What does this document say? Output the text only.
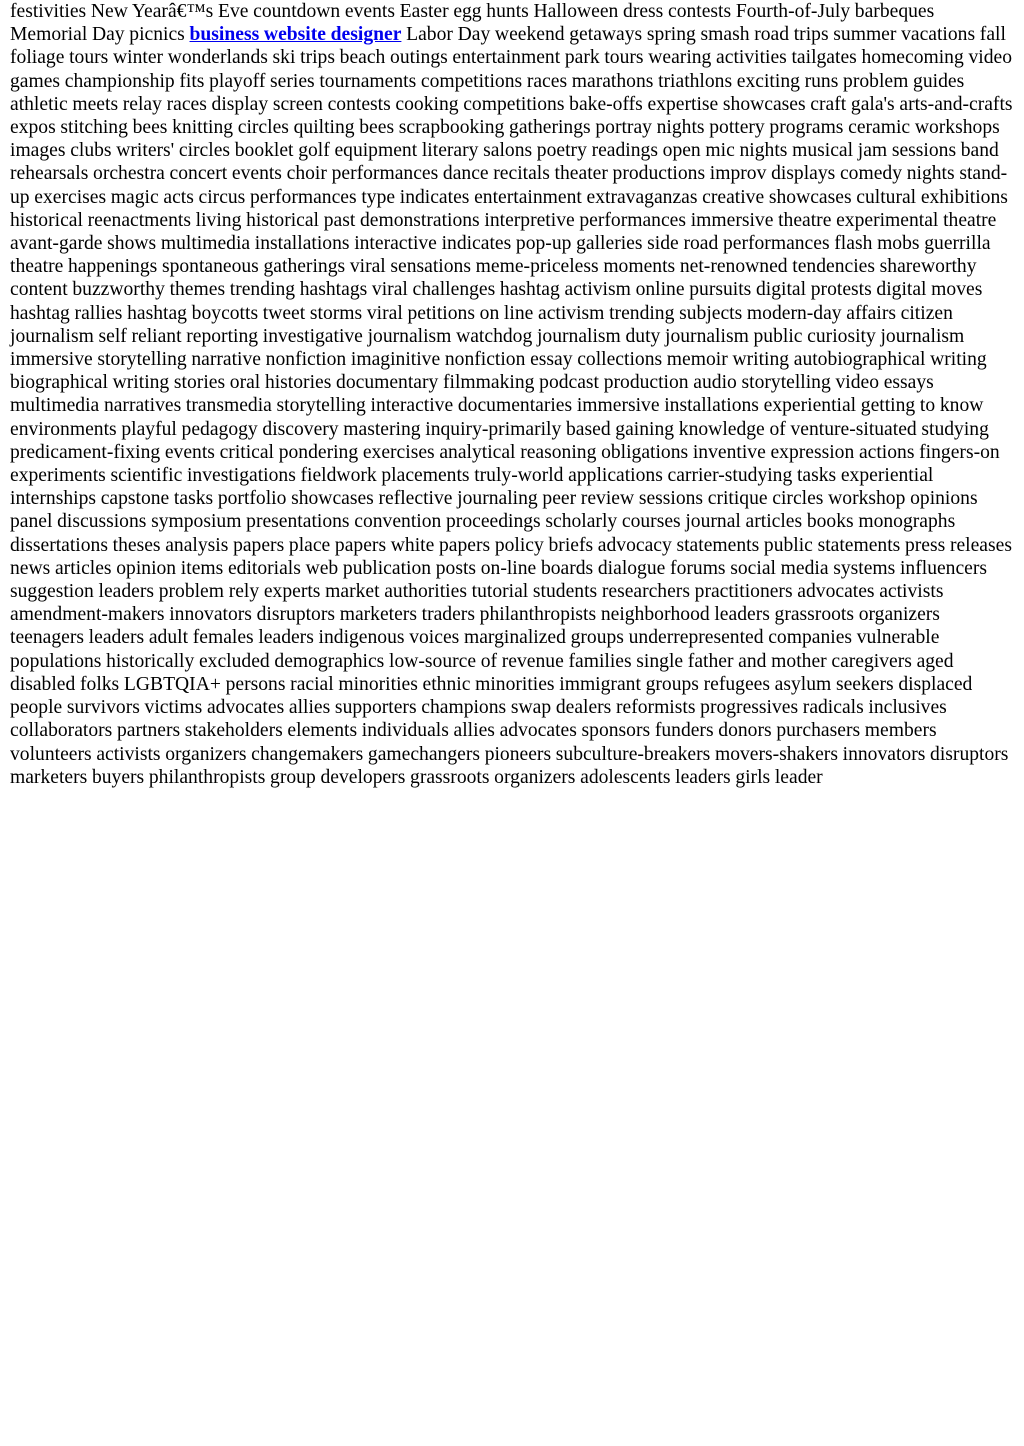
festivities New Yearâ€™s Eve countdown events Easter egg hunts Halloween dress contests Fourth-of-July barbeques Memorial Day picnics business website designer Labor Day weekend getaways spring smash road trips summer vacations fall foliage tours winter wonderlands ski trips beach outings entertainment park tours wearing activities tailgates homecoming video games championship fits playoff series tournaments competitions races marathons triathlons exciting runs problem guides athletic meets relay races display screen contests cooking competitions bake-offs expertise showcases craft gala's arts-and-crafts expos stitching bees knitting circles quilting bees scrapbooking gatherings portray nights pottery programs ceramic workshops images clubs writers' circles booklet golf equipment literary salons poetry readings open mic nights musical jam sessions band rehearsals orchestra concert events choir performances dance recitals theater productions improv displays comedy nights stand-up exercises magic acts circus performances type indicates entertainment extravaganzas creative showcases cultural exhibitions historical reenactments living historical past demonstrations interpretive performances immersive theatre experimental theatre avant-garde shows multimedia installations interactive indicates pop-up galleries side road performances flash mobs guerrilla theatre happenings spontaneous gatherings viral sensations meme-priceless moments net-renowned tendencies shareworthy content buzzworthy themes trending hashtags viral challenges hashtag activism online pursuits digital protests digital moves hashtag rallies hashtag boycotts tweet storms viral petitions on line activism trending subjects modern-day affairs citizen journalism self reliant reporting investigative journalism watchdog journalism duty journalism public curiosity journalism immersive storytelling narrative nonfiction imaginitive nonfiction essay collections memoir writing autobiographical writing biographical writing stories oral histories documentary filmmaking podcast production audio storytelling video essays multimedia narratives transmedia storytelling interactive documentaries immersive installations experiential getting to know environments playful pedagogy discovery mastering inquiry-primarily based gaining knowledge of venture-situated studying predicament-fixing events critical pondering exercises analytical reasoning obligations inventive expression actions fingers-on experiments scientific investigations fieldwork placements truly-world applications carrier-studying tasks experiential internships capstone tasks portfolio showcases reflective journaling peer review sessions critique circles workshop opinions panel discussions symposium presentations convention proceedings scholarly courses journal articles books monographs dissertations theses analysis papers place papers white papers policy briefs advocacy statements public statements press releases news articles opinion items editorials web publication posts on-line boards dialogue forums social media systems influencers suggestion leaders problem rely experts market authorities tutorial students researchers practitioners advocates activists amendment-makers innovators disruptors marketers traders philanthropists neighborhood leaders grassroots organizers teenagers leaders adult females leaders indigenous voices marginalized groups underrepresented companies vulnerable populations historically excluded demographics low-source of revenue families single father and mother caregivers aged disabled folks LGBTQIA+ persons racial minorities ethnic minorities immigrant groups refugees asylum seekers displaced people survivors victims advocates allies supporters champions swap dealers reformists progressives radicals inclusives collaborators partners stakeholders elements individuals allies advocates sponsors funders donors purchasers members volunteers activists organizers changemakers gamechangers pioneers subculture-breakers movers-shakers innovators disruptors marketers buyers philanthropists group developers grassroots organizers adolescents leaders girls leader
